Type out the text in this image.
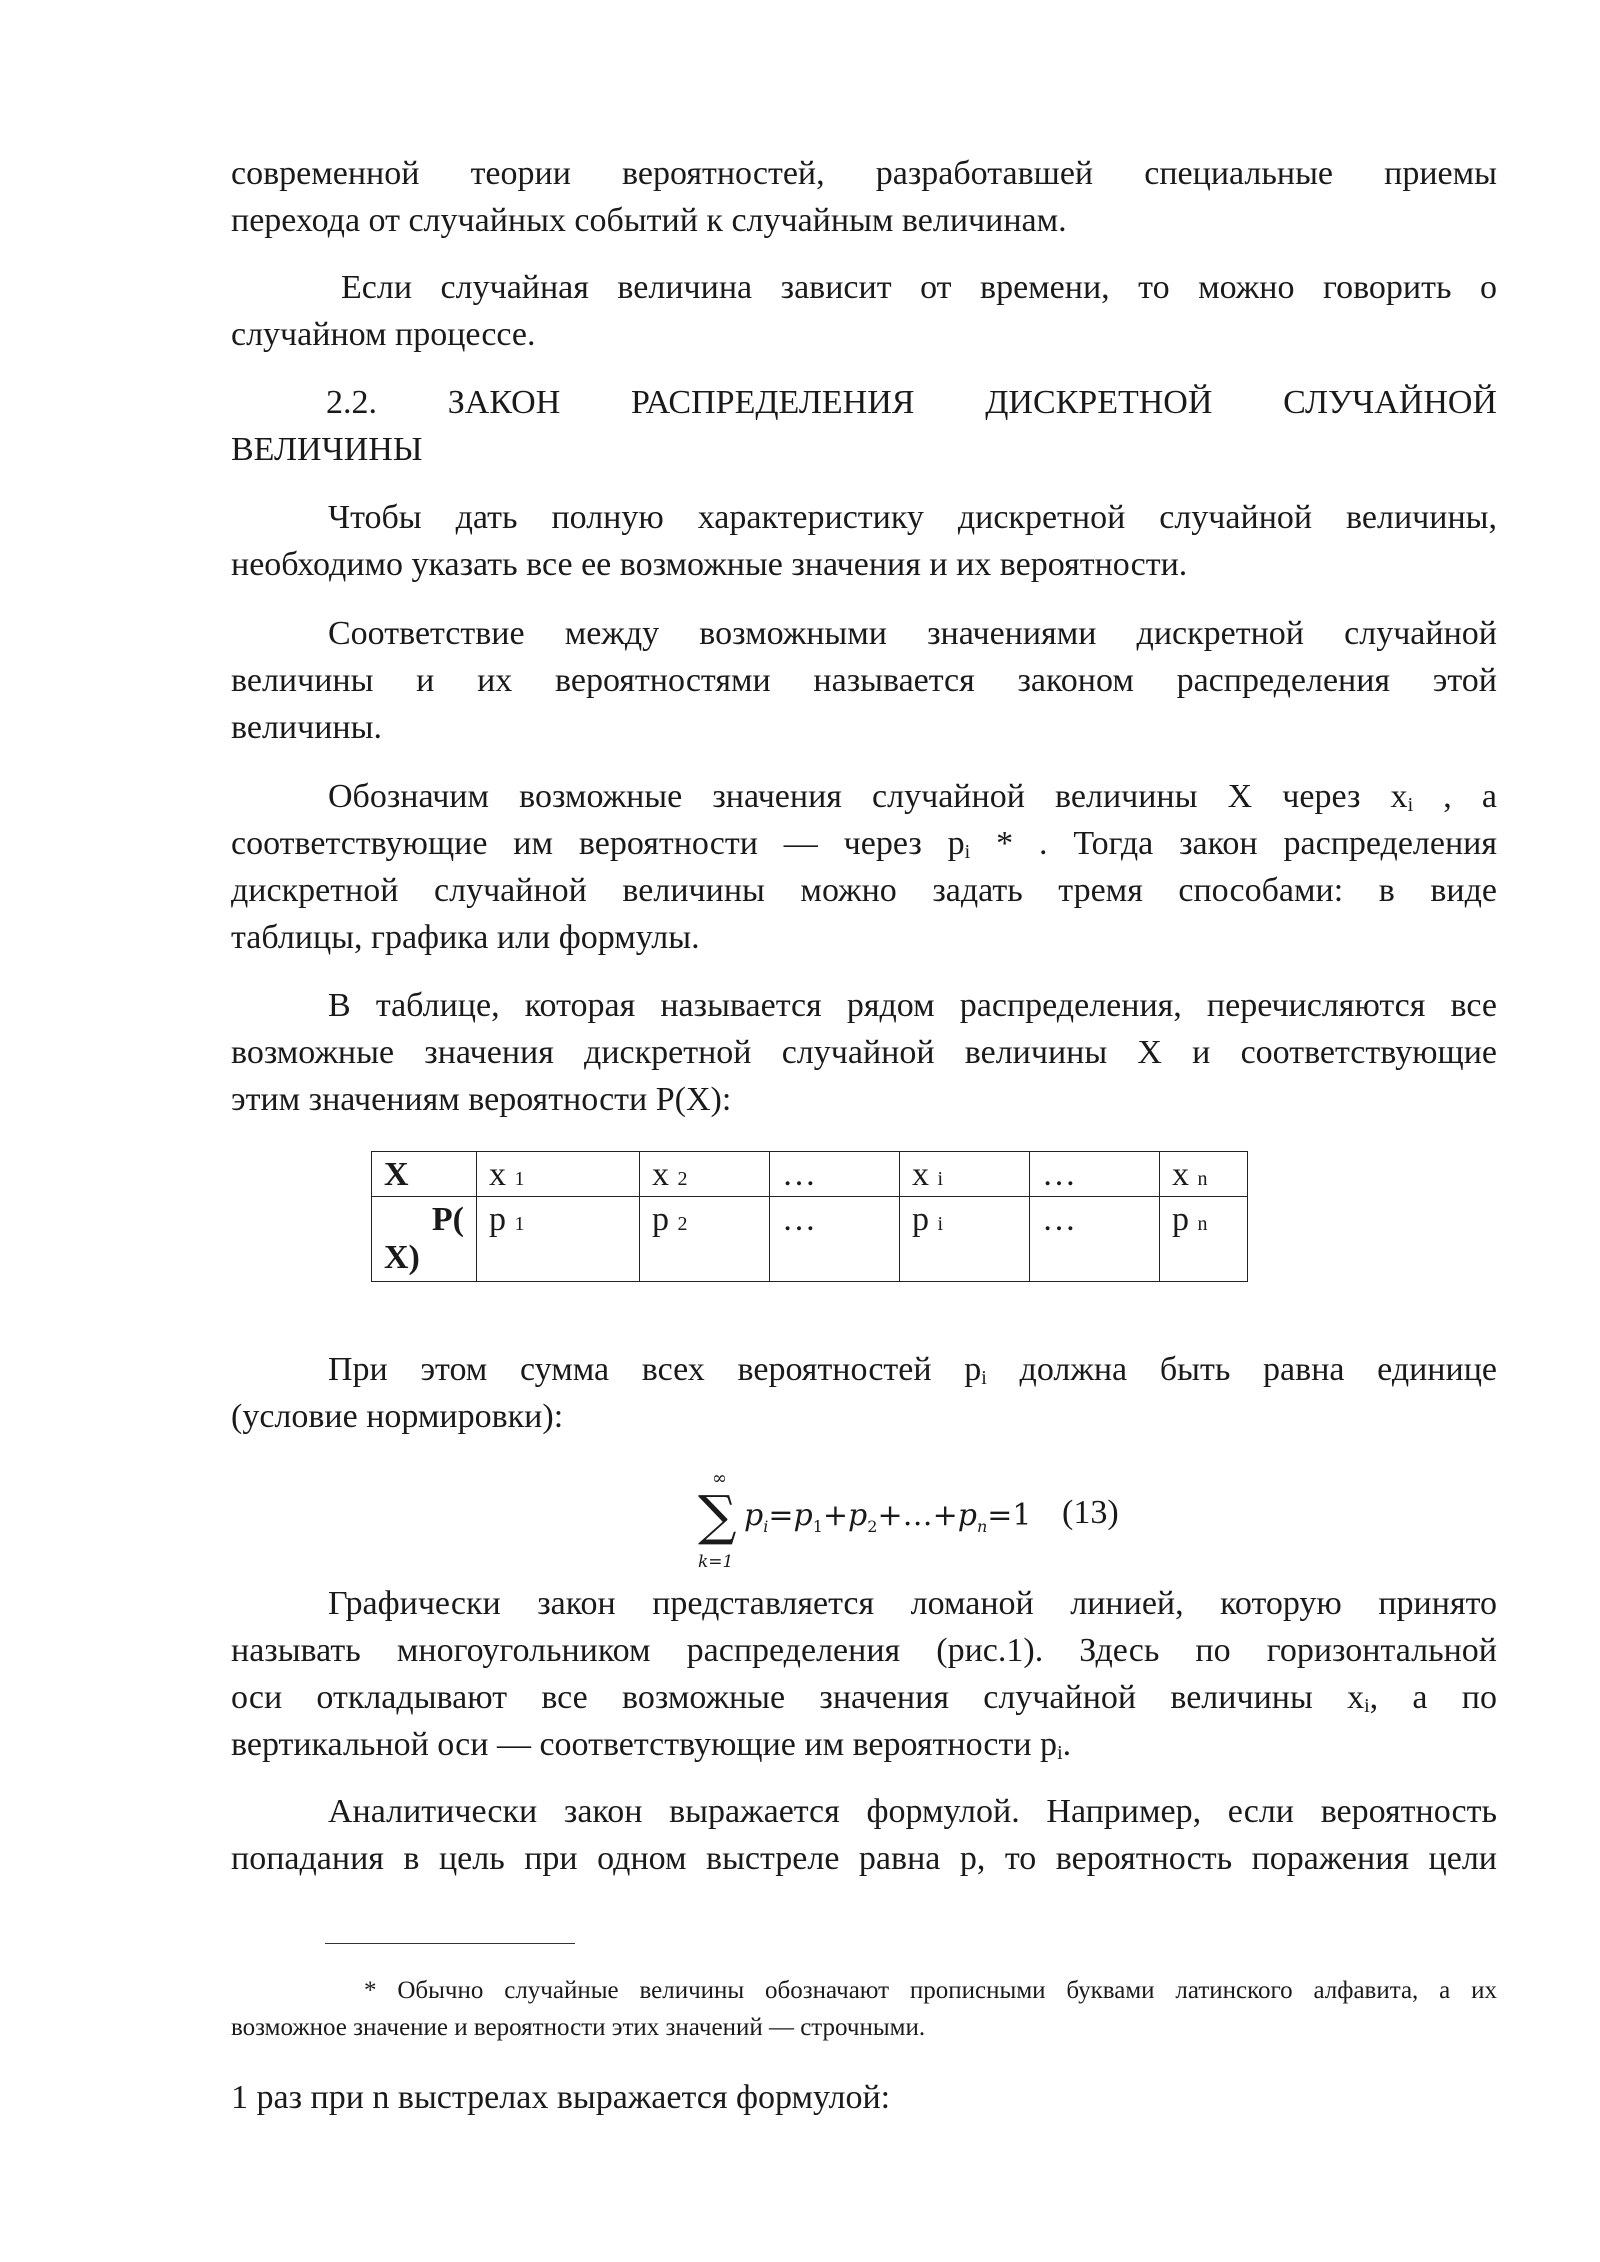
современной теории вероятностей, разработавшей специальные приемы
перехода от случайных событий к случайным величинам.
Если случайная величина зависит от времени, то можно говорить о
случайном процессе.
2.2. ЗАКОН РАСПРЕДЕЛЕНИЯ ДИСКРЕТНОЙ СЛУЧАЙНОЙ
ВЕЛИЧИНЫ
Чтобы дать полную характеристику дискретной случайной величины,
необходимо указать все ее возможные значения и их вероятности.
Соответствие между возможными значениями дискретной случайной
величины и их вероятностями называется законом распределения этой
величины.
Обозначим возможные значения случайной величины X через $x_i$ , а
соответствующие им вероятности — через $p_i$ * . Тогда закон распределения
дискретной случайной величины можно задать тремя способами: в виде
таблицы, графика или формулы.
В таблице, которая называется рядом распределения, перечисляются все
возможные значения дискретной случайной величины X и соответствующие
этим значениям вероятности P(X):
X	x 1	x 2	…	x i	…	x n

P(
X)	p 1	p 2	…	p i	…	p n
При этом сумма всех вероятностей $p_i$ должна быть равна единице
(условие нормировки):
∞
∑
k=1
$p_i=p_1+p_2+\dots+p_n=1$ (13)
Графически закон представляется ломаной линией, которую принято
называть многоугольником распределения (рис.1). Здесь по горизонтальной
оси откладывают все возможные значения случайной величины $x_i$, а по
вертикальной оси — соответствующие им вероятности $p_i$.
Аналитически закон выражается формулой. Например, если вероятность
попадания в цель при одном выстреле равна p, то вероятность поражения цели
* Обычно случайные величины обозначают прописными буквами латинского алфавита, а их
возможное значение и вероятности этих значений — строчными.
1 раз при n выстрелах выражается формулой:
